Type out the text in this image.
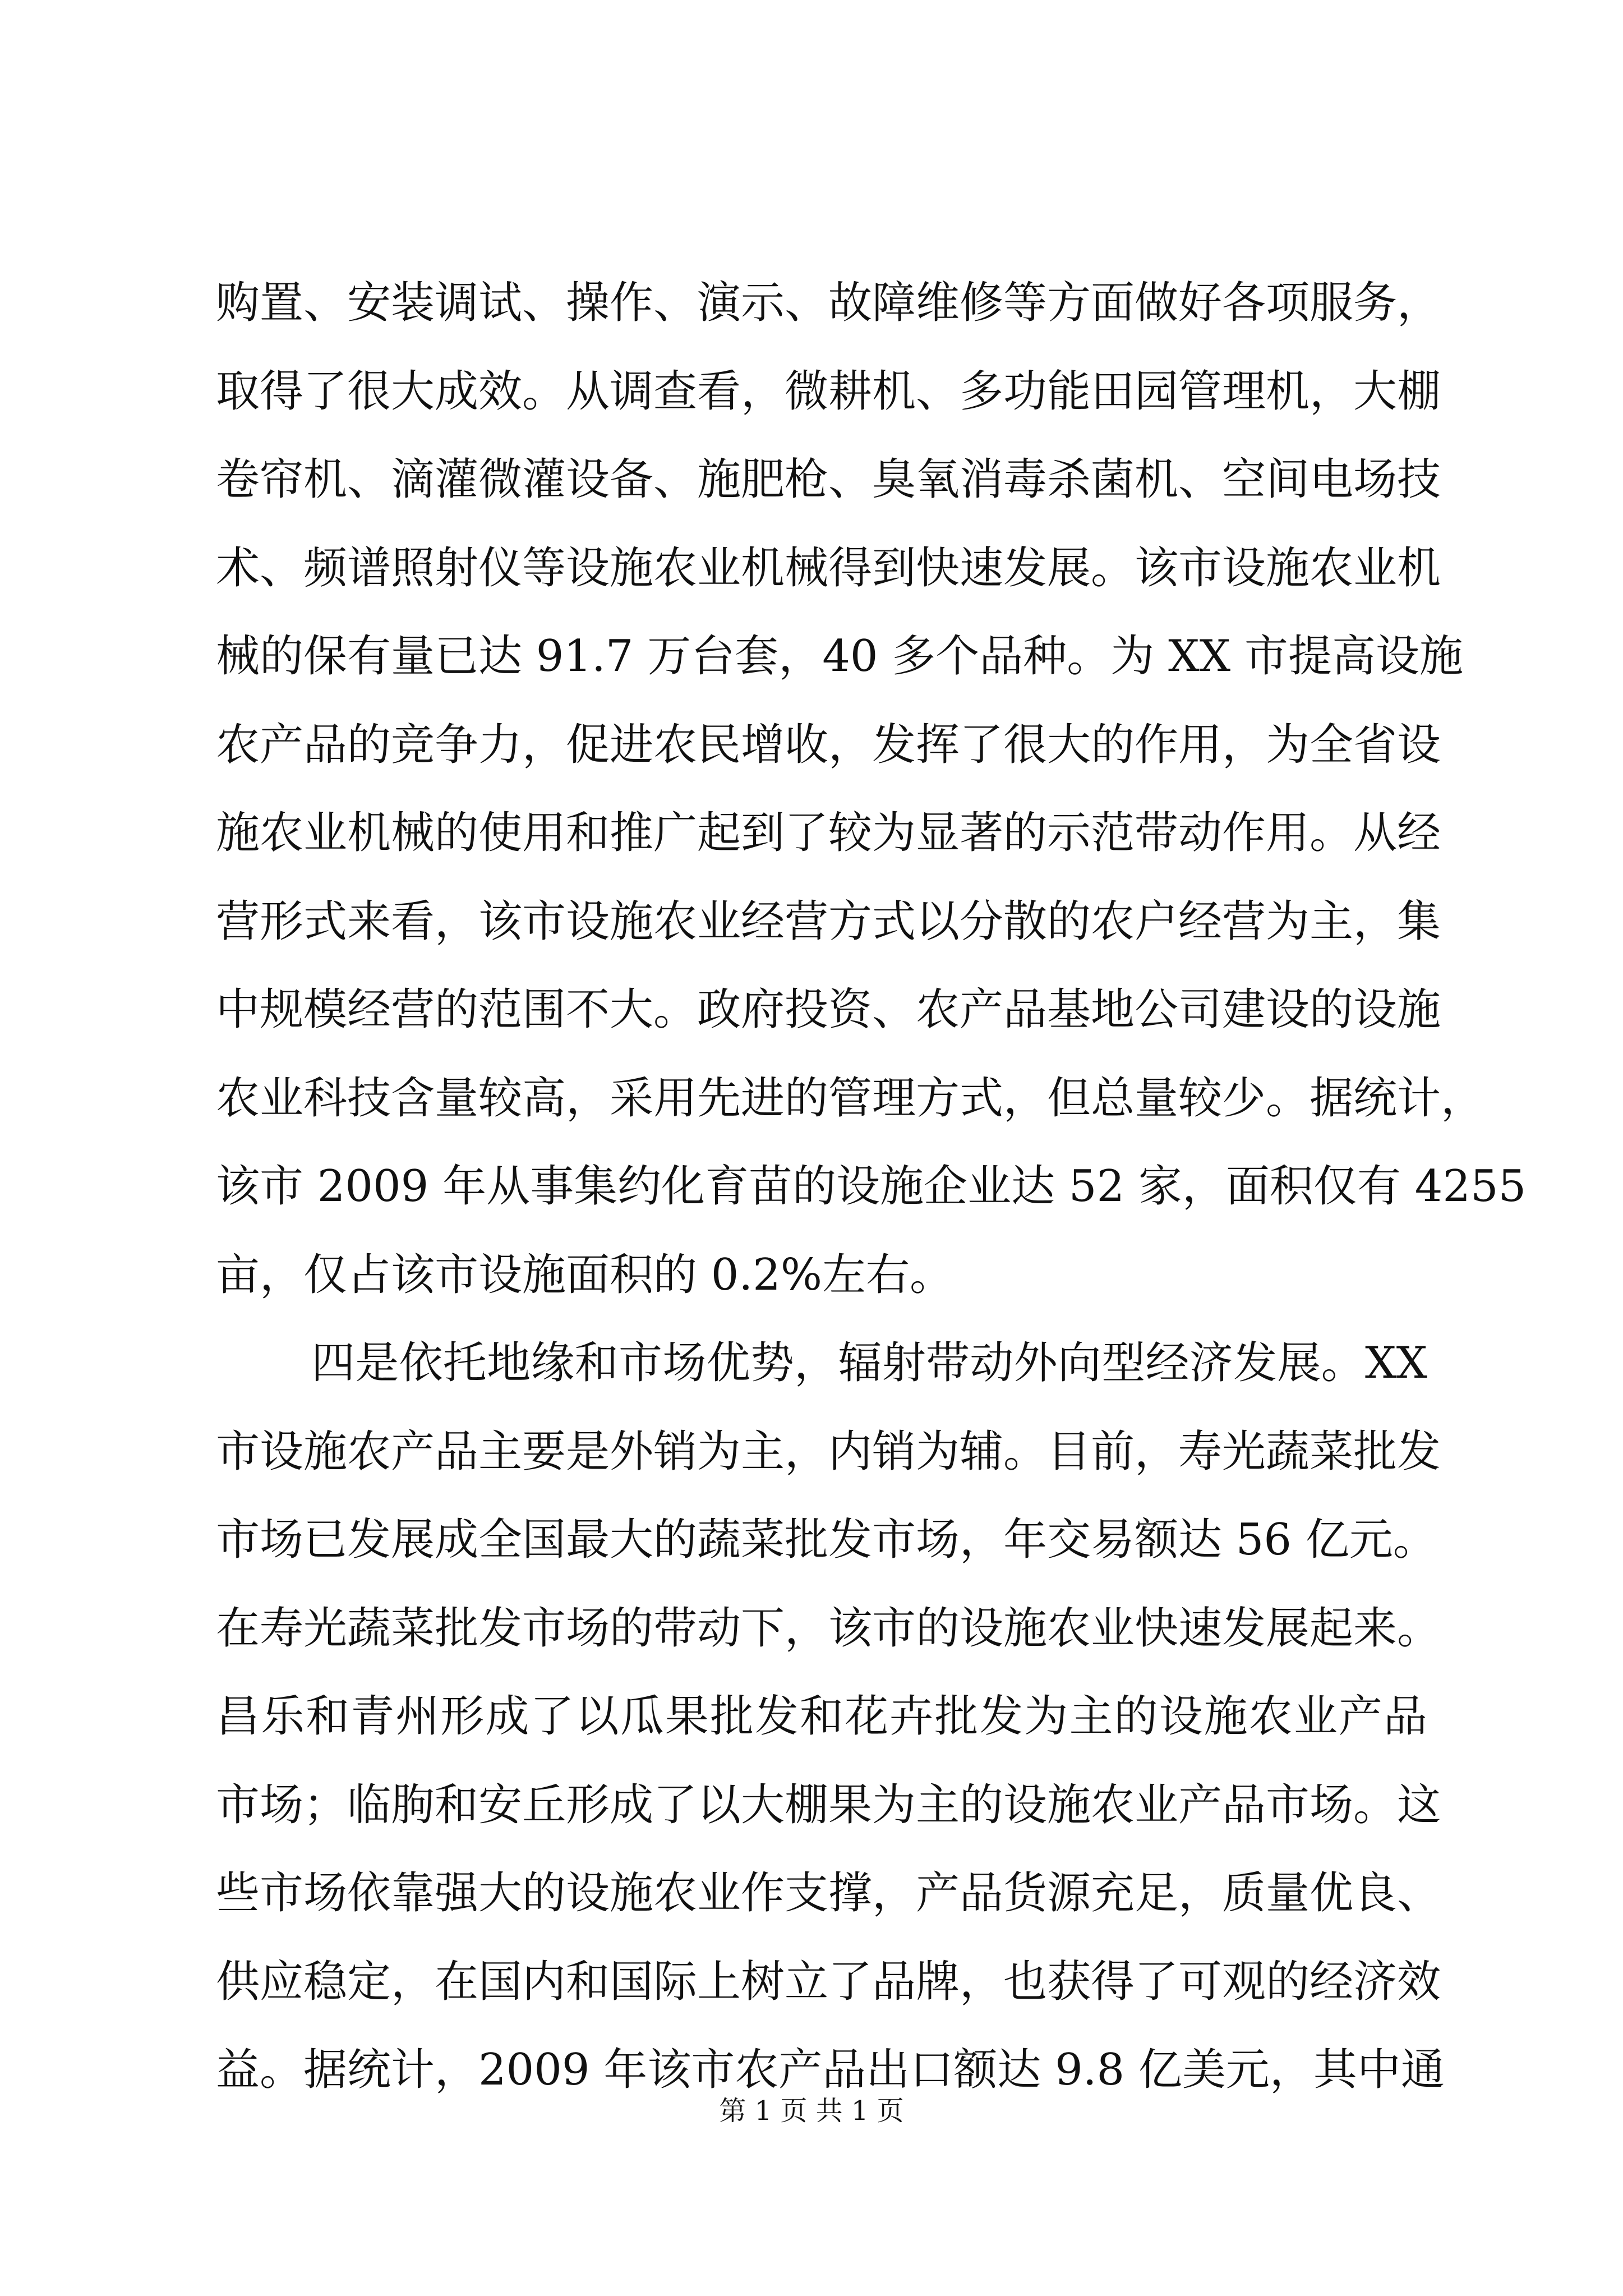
购置、安装调试、操作、演示、故障维修等方面做好各项服务，
取得了很大成效。从调查看，微耕机、多功能田园管理机，大棚
卷帘机、滴灌微灌设备、施肥枪、臭氧消毒杀菌机、空间电场技
术、频谱照射仪等设施农业机械得到快速发展。该市设施农业机
械的保有量已达 91.7 万台套，40 多个品种。为 XX 市提高设施
农产品的竞争力，促进农民增收，发挥了很大的作用，为全省设
施农业机械的使用和推广起到了较为显著的示范带动作用。从经
营形式来看，该市设施农业经营方式以分散的农户经营为主，集
中规模经营的范围不大。政府投资、农产品基地公司建设的设施
农业科技含量较高，采用先进的管理方式，但总量较少。据统计，
该市 2009 年从事集约化育苗的设施企业达 52 家，面积仅有 4255
亩，仅占该市设施面积的 0.2%左右。
四是依托地缘和市场优势，辐射带动外向型经济发展。XX
市设施农产品主要是外销为主，内销为辅。目前，寿光蔬菜批发
市场已发展成全国最大的蔬菜批发市场，年交易额达 56 亿元。
在寿光蔬菜批发市场的带动下，该市的设施农业快速发展起来。
昌乐和青州形成了以瓜果批发和花卉批发为主的设施农业产品
市场；临朐和安丘形成了以大棚果为主的设施农业产品市场。这
些市场依靠强大的设施农业作支撑，产品货源充足，质量优良、
供应稳定，在国内和国际上树立了品牌，也获得了可观的经济效
益。据统计，2009 年该市农产品出口额达 9.8 亿美元，其中通
第 1 页 共 1 页
